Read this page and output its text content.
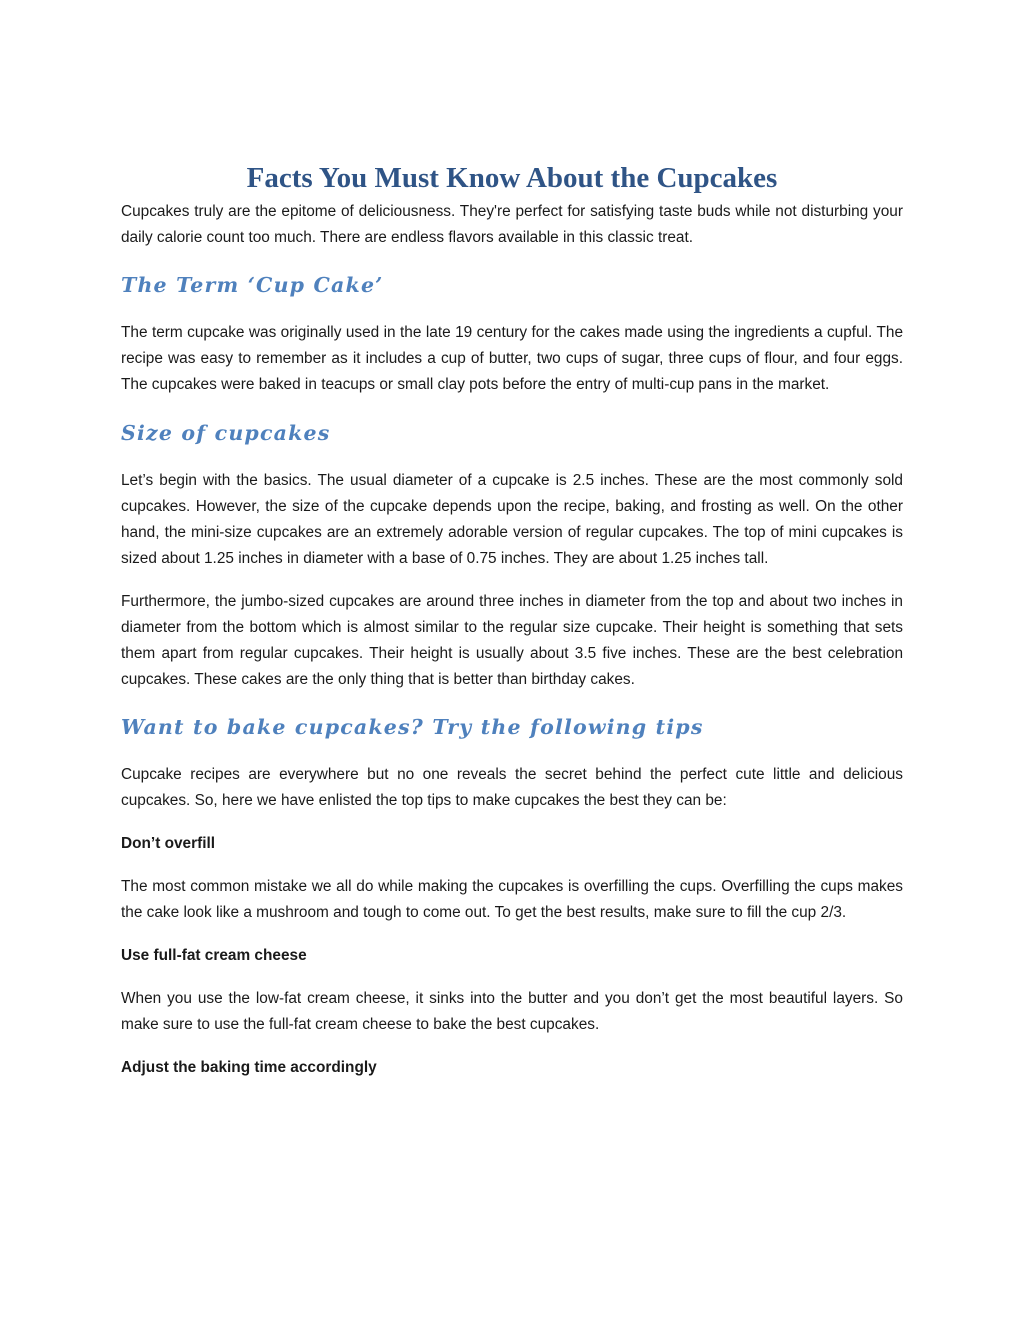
Facts You Must Know About the Cupcakes

Cupcakes truly are the epitome of deliciousness. They're perfect for satisfying taste buds while not disturbing your daily calorie count too much. There are endless flavors available in this classic treat.

The Term ‘Cup Cake’

The term cupcake was originally used in the late 19 century for the cakes made using the ingredients a cupful. The recipe was easy to remember as it includes a cup of butter, two cups of sugar, three cups of flour, and four eggs. The cupcakes were baked in teacups or small clay pots before the entry of multi-cup pans in the market.

Size of cupcakes

Let’s begin with the basics. The usual diameter of a cupcake is 2.5 inches. These are the most commonly sold cupcakes. However, the size of the cupcake depends upon the recipe, baking, and frosting as well. On the other hand, the mini-size cupcakes are an extremely adorable version of regular cupcakes. The top of mini cupcakes is sized about 1.25 inches in diameter with a base of 0.75 inches. They are about 1.25 inches tall.

Furthermore, the jumbo-sized cupcakes are around three inches in diameter from the top and about two inches in diameter from the bottom which is almost similar to the regular size cupcake. Their height is something that sets them apart from regular cupcakes. Their height is usually about 3.5 five inches. These are the best celebration cupcakes. These cakes are the only thing that is better than birthday cakes.

Want to bake cupcakes? Try the following tips

Cupcake recipes are everywhere but no one reveals the secret behind the perfect cute little and delicious cupcakes. So, here we have enlisted the top tips to make cupcakes the best they can be:

Don’t overfill

The most common mistake we all do while making the cupcakes is overfilling the cups. Overfilling the cups makes the cake look like a mushroom and tough to come out. To get the best results, make sure to fill the cup 2/3.

Use full-fat cream cheese

When you use the low-fat cream cheese, it sinks into the butter and you don’t get the most beautiful layers. So make sure to use the full-fat cream cheese to bake the best cupcakes.

Adjust the baking time accordingly
